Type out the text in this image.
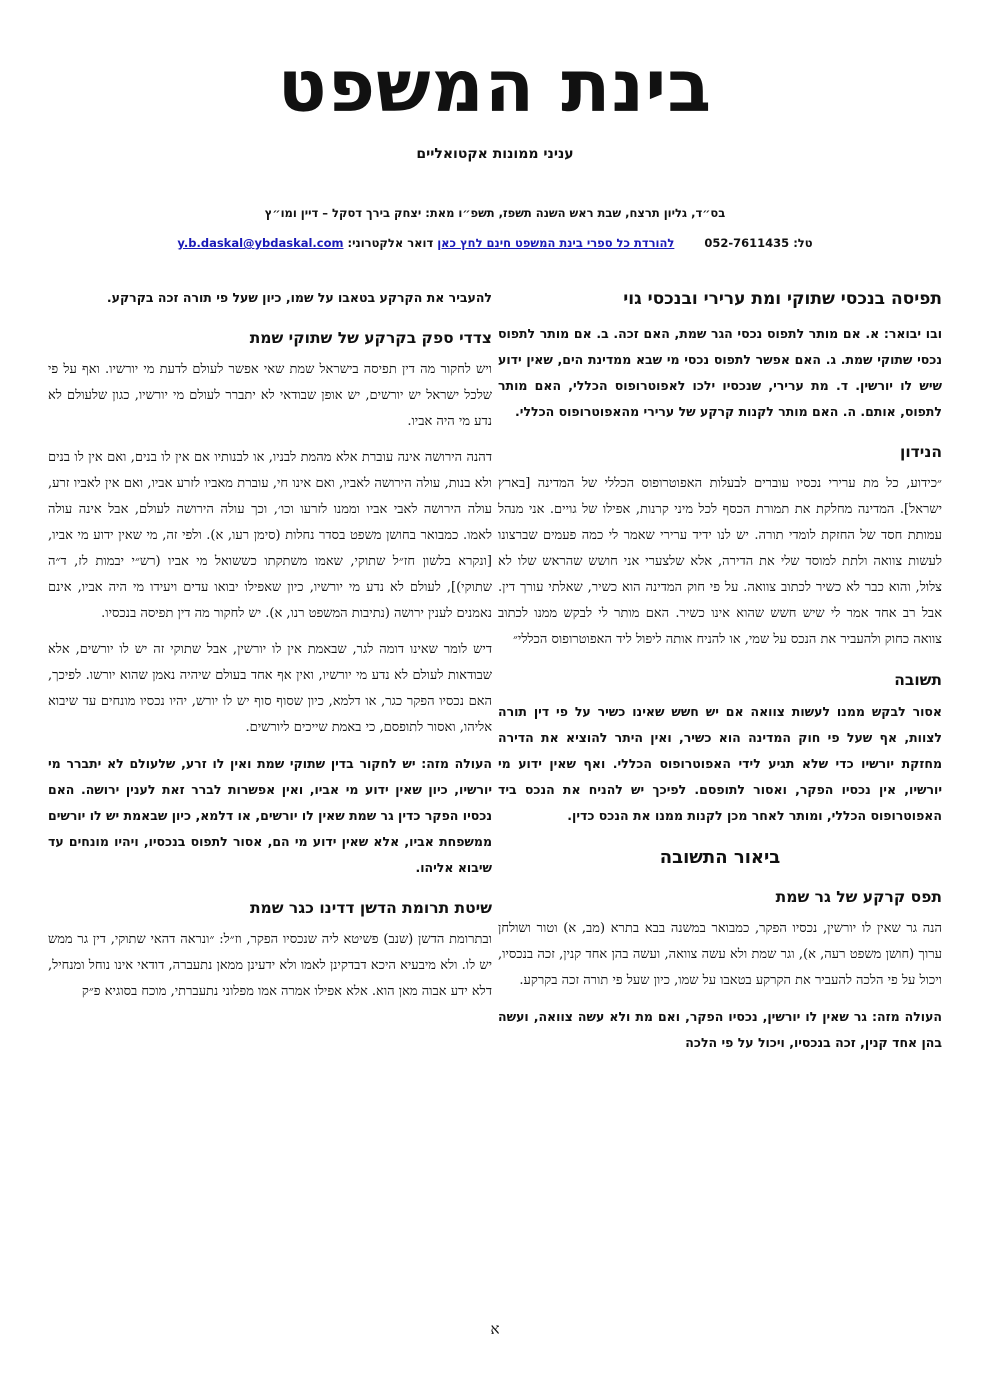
בינת המשפט
עניני ממונות אקטואליים
בס״ד, גליון תרצח, שבת ראש השנה תשפז, תשפ״ו מאת: יצחק בירך דסקל – דיין ומו״ץ
טל: 052-7611435  להורדת כל ספרי בינת המשפט חינם לחץ כאן דואר אלקטרוני: y.b.daskal@ybdaskal.com
תפיסה בנכסי שתוקי ומת ערירי ובנכסי גוי

ובו יבואר: א. אם מותר לתפוס נכסי הגר שמת, האם זכה. ב. אם מותר לתפוס נכסי שתוקי שמת. ג. האם אפשר לתפוס נכסי מי שבא ממדינת הים, שאין ידוע שיש לו יורשין. ד. מת ערירי, שנכסיו ילכו לאפוטרופוס הכללי, האם מותר לתפוס, אותם. ה. האם מותר לקנות קרקע של ערירי מהאפוטרופוס הכללי.

הנידון

״כידוע, כל מת ערירי נכסיו עוברים לבעלות האפוטרופוס הכללי של המדינה [בארץ ישראל]. המדינה מחלקת את תמורת הכסף לכל מיני קרנות, אפילו של גויים. אני מנהל עמותת חסד של החזקת לומדי תורה. יש לנו ידיד ערירי שאמר לי כמה פעמים שברצונו לעשות צוואה ולתת למוסד שלי את הדירה, אלא שלצערי אני חושש שהראש שלו לא צלול, והוא כבר לא כשיר לכתוב צוואה. על פי חוק המדינה הוא כשיר, שאלתי עורך דין. אבל רב אחד אמר לי שיש חשש שהוא אינו כשיר. האם מותר לי לבקש ממנו לכתוב צוואה כחוק ולהעביר את הנכס על שמי, או להניח אותה ליפול ליד האפוטרופוס הכללי״

תשובה

אסור לבקש ממנו לעשות צוואה אם יש חשש שאינו כשיר על פי דין תורה לצוות, אף שעל פי חוק המדינה הוא כשיר, ואין היתר להוציא את הדירה מחזקת יורשיו כדי שלא תגיע לידי האפוטרופוס הכללי. ואף שאין ידוע מי יורשיו, אין נכסיו הפקר, ואסור לתופסם. לפיכך יש להניח את הנכס ביד האפוטרופוס הכללי, ומותר לאחר מכן לקנות ממנו את הנכס כדין.

ביאור התשובה
תפס קרקע של גר שמת

הנה גר שאין לו יורשין, נכסיו הפקר, כמבואר במשנה בבא בתרא (מב, א) וטור ושולחן ערוך (חושן משפט רעה, א), וגר שמת ולא עשה צוואה, ועשה בהן אחד קנין, זכה בנכסיו, ויכול על פי הלכה להעביר את הקרקע בטאבו על שמו, כיון שעל פי תורה זכה בקרקע.

העולה מזה: גר שאין לו יורשין, נכסיו הפקר, ואם מת ולא עשה צוואה, ועשה בהן אחד קנין, זכה בנכסיו, ויכול על פי הלכה

להעביר את הקרקע בטאבו על שמו, כיון שעל פי תורה זכה בקרקע.

צדדי ספק בקרקע של שתוקי שמת

ויש לחקור מה דין תפיסה בישראל שמת שאי אפשר לעולם לדעת מי יורשיו. ואף על פי שלכל ישראל יש יורשים, יש אופן שבודאי לא יתברר לעולם מי יורשיו, כגון שלעולם לא נדע מי היה אביו.

דהנה הירושה אינה עוברת אלא מהמת לבניו, או לבנותיו אם אין לו בנים, ואם אין לו בנים ולא בנות, עולה הירושה לאביו, ואם אינו חי, עוברת מאביו לזרע אביו, ואם אין לאביו זרע, עולה הירושה לאבי אביו וממנו לזרעו וכו׳, וכך עולה הירושה לעולם, אבל אינה עולה לאמו. כמבואר בחושן משפט בסדר נחלות (סימן רעו, א). ולפי זה, מי שאין ידוע מי אביו, [ונקרא בלשון חז״ל שתוקי, שאמו משתקתו כששואל מי אביו (רש״י יבמות לז, ד״ה שתוקי)], לעולם לא נדע מי יורשיו, כיון שאפילו יבואו עדים ויעידו מי היה אביו, אינם נאמנים לענין ירושה (נתיבות המשפט רנו, א). יש לחקור מה דין תפיסה בנכסיו.

דיש לומר שאינו דומה לגר, שבאמת אין לו יורשין, אבל שתוקי זה יש לו יורשים, אלא שבודאות לעולם לא נדע מי יורשיו, ואין אף אחד בעולם שיהיה נאמן שהוא יורשו. לפיכך, האם נכסיו הפקר כגר, או דלמא, כיון שסוף סוף יש לו יורש, יהיו נכסיו מונחים עד שיבוא אליהו, ואסור לתופסם, כי באמת שייכים ליורשים.

העולה מזה: יש לחקור בדין שתוקי שמת ואין לו זרע, שלעולם לא יתברר מי יורשיו, כיון שאין ידוע מי אביו, ואין אפשרות לברר זאת לענין ירושה. האם נכסיו הפקר כדין גר שמת שאין לו יורשים, או דלמא, כיון שבאמת יש לו יורשים ממשפחת אביו, אלא שאין ידוע מי הם, אסור לתפוס בנכסיו, ויהיו מונחים עד שיבוא אליהו.

שיטת תרומת הדשן דדינו כגר שמת

ובתרומת הדשן (שנב) פשיטא ליה שנכסיו הפקר, וז״ל: ״ונראה דהאי שתוקי, דין גר ממש יש לו. ולא מיבעיא היכא דבדקינן לאמו ולא ידעינן ממאן נתעברה, דודאי אינו נוחל ומנחיל, דלא ידע אבוה מאן הוא. אלא אפילו אמרה אמו מפלוני נתעברתי, מוכח בסוגיא פ״ק

א
